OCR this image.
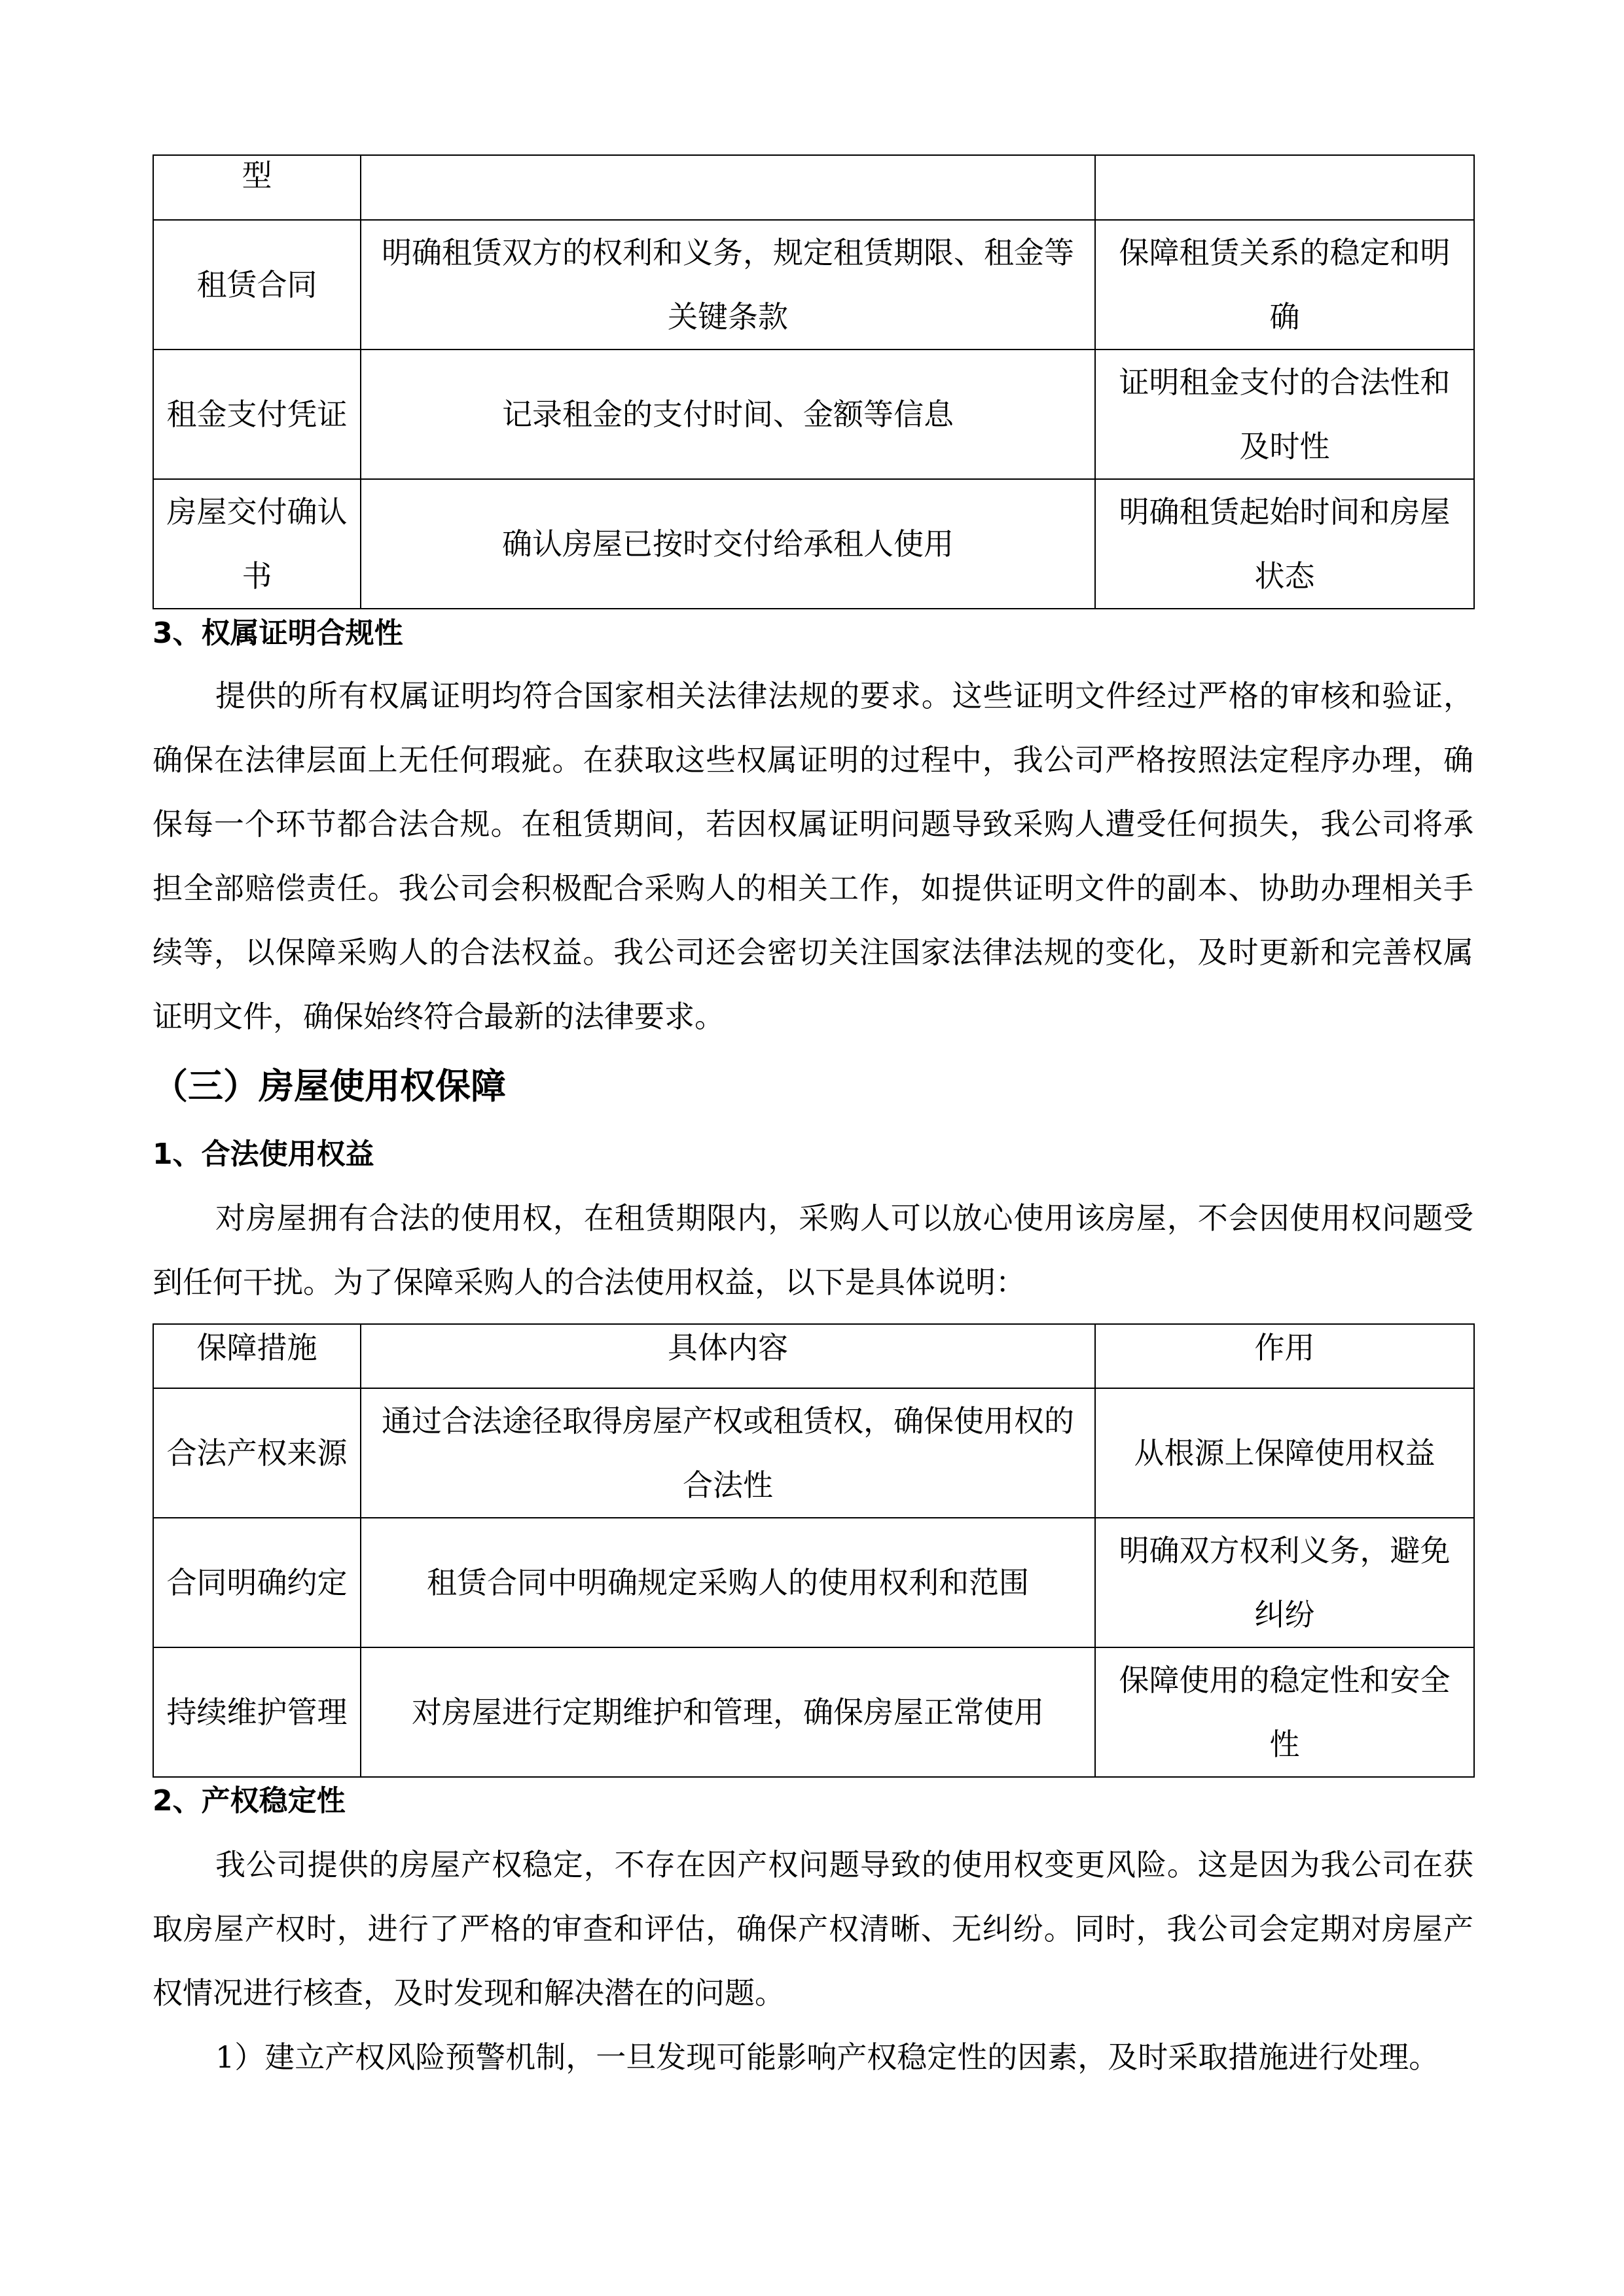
型		

租赁合同	明确租赁双方的权利和义务，规定租赁期限、租金等关键条款	保障租赁关系的稳定和明确

租金支付凭证	记录租金的支付时间、金额等信息	证明租金支付的合法性和及时性

房屋交付确认书	确认房屋已按时交付给承租人使用	明确租赁起始时间和房屋状态
3、权属证明合规性

提供的所有权属证明均符合国家相关法律法规的要求。这些证明文件经过严格的审核和验证，确保在法律层面上无任何瑕疵。在获取这些权属证明的过程中，我公司严格按照法定程序办理，确保每一个环节都合法合规。在租赁期间，若因权属证明问题导致采购人遭受任何损失，我公司将承担全部赔偿责任。我公司会积极配合采购人的相关工作，如提供证明文件的副本、协助办理相关手续等，以保障采购人的合法权益。我公司还会密切关注国家法律法规的变化，及时更新和完善权属证明文件，确保始终符合最新的法律要求。

（三）房屋使用权保障
1、合法使用权益

对房屋拥有合法的使用权，在租赁期限内，采购人可以放心使用该房屋，不会因使用权问题受到任何干扰。为了保障采购人的合法使用权益，以下是具体说明：

保障措施	具体内容	作用

合法产权来源	通过合法途径取得房屋产权或租赁权，确保使用权的合法性	从根源上保障使用权益

合同明确约定	租赁合同中明确规定采购人的使用权利和范围	明确双方权利义务，避免纠纷

持续维护管理	对房屋进行定期维护和管理，确保房屋正常使用	保障使用的稳定性和安全性
2、产权稳定性

我公司提供的房屋产权稳定，不存在因产权问题导致的使用权变更风险。这是因为我公司在获取房屋产权时，进行了严格的审查和评估，确保产权清晰、无纠纷。同时，我公司会定期对房屋产权情况进行核查，及时发现和解决潜在的问题。

1）建立产权风险预警机制，一旦发现可能影响产权稳定性的因素，及时采取措施进行处理。
